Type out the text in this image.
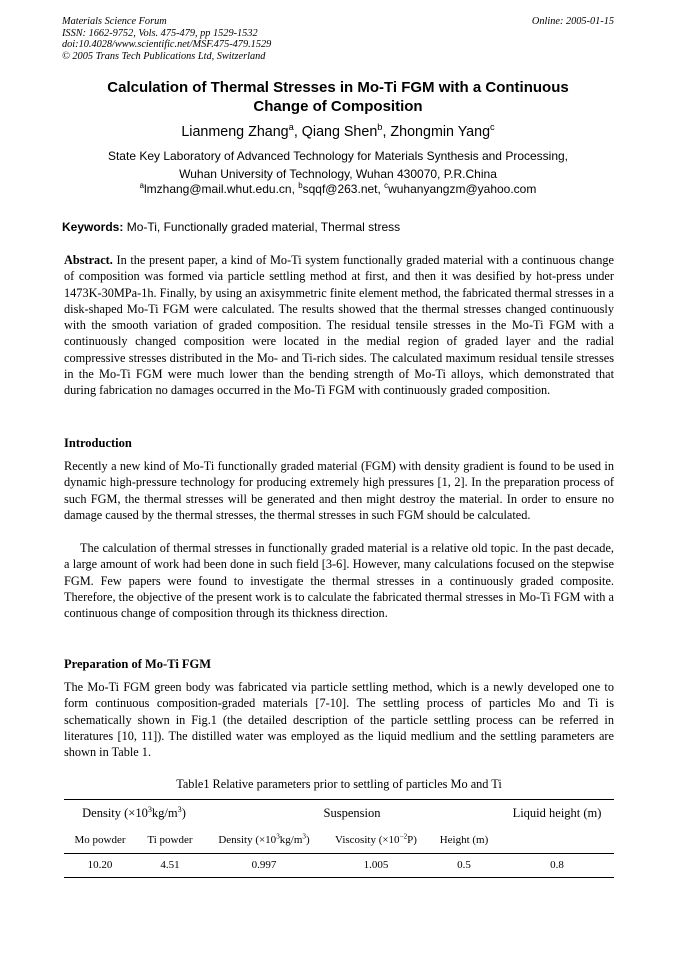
Materials Science Forum
ISSN: 1662-9752, Vols. 475-479, pp 1529-1532
doi:10.4028/www.scientific.net/MSF.475-479.1529
© 2005 Trans Tech Publications Ltd, Switzerland
Online: 2005-01-15
Calculation of Thermal Stresses in Mo-Ti FGM with a Continuous
Change of Composition
Lianmeng Zhang$^a$, Qiang Shen$^b$, Zhongmin Yang$^c$
State Key Laboratory of Advanced Technology for Materials Synthesis and Processing,
Wuhan University of Technology, Wuhan 430070, P.R.China
$^a$lmzhang@mail.whut.edu.cn, $^b$sqqf@263.net, $^c$wuhanyangzm@yahoo.com
Keywords: Mo-Ti, Functionally graded material, Thermal stress
Abstract. In the present paper, a kind of Mo-Ti system functionally graded material with a continuous change of composition was formed via particle settling method at first, and then it was desified by hot-press under 1473K-30MPa-1h. Finally, by using an axisymmetric finite element method, the fabricated thermal stresses in a disk-shaped Mo-Ti FGM were calculated. The results showed that the thermal stresses changed continuously with the smooth variation of graded composition. The residual tensile stresses in the Mo-Ti FGM with a continuously changed composition were located in the medial region of graded layer and the radial compressive stresses distributed in the Mo- and Ti-rich sides. The calculated maximum residual tensile stresses in the Mo-Ti FGM were much lower than the bending strength of Mo-Ti alloys, which demonstrated that during fabrication no damages occurred in the Mo-Ti FGM with continuously graded composition.
Introduction
Recently a new kind of Mo-Ti functionally graded material (FGM) with density gradient is found to be used in dynamic high-pressure technology for producing extremely high pressures [1, 2]. In the preparation process of such FGM, the thermal stresses will be generated and then might destroy the material. In order to ensure no damage caused by the thermal stresses, the thermal stresses in such FGM should be calculated.
The calculation of thermal stresses in functionally graded material is a relative old topic. In the past decade, a large amount of work had been done in such field [3-6]. However, many calculations focused on the stepwise FGM. Few papers were found to investigate the thermal stresses in a continuously graded composite. Therefore, the objective of the present work is to calculate the fabricated thermal stresses in Mo-Ti FGM with a continuous change of composition through its thickness direction.
Preparation of Mo-Ti FGM
The Mo-Ti FGM green body was fabricated via particle settling method, which is a newly developed one to form continuous composition-graded materials [7-10]. The settling process of particles Mo and Ti is schematically shown in Fig.1 (the detailed description of the particle settling process can be referred in literatures [10, 11]). The distilled water was employed as the liquid medlium and the settling parameters are shown in Table 1.
Table1 Relative parameters prior to settling of particles Mo and Ti
Density $(\times 10^3kg/m^3)$	Suspension	Liquid height (m)
Mo powder	Ti powder	Density $(\times 10^3kg/m^3)$	Viscosity $(\times 10^{-2}P)$	Height (m)
10.20	4.51	0.997	1.005	0.5	0.8
